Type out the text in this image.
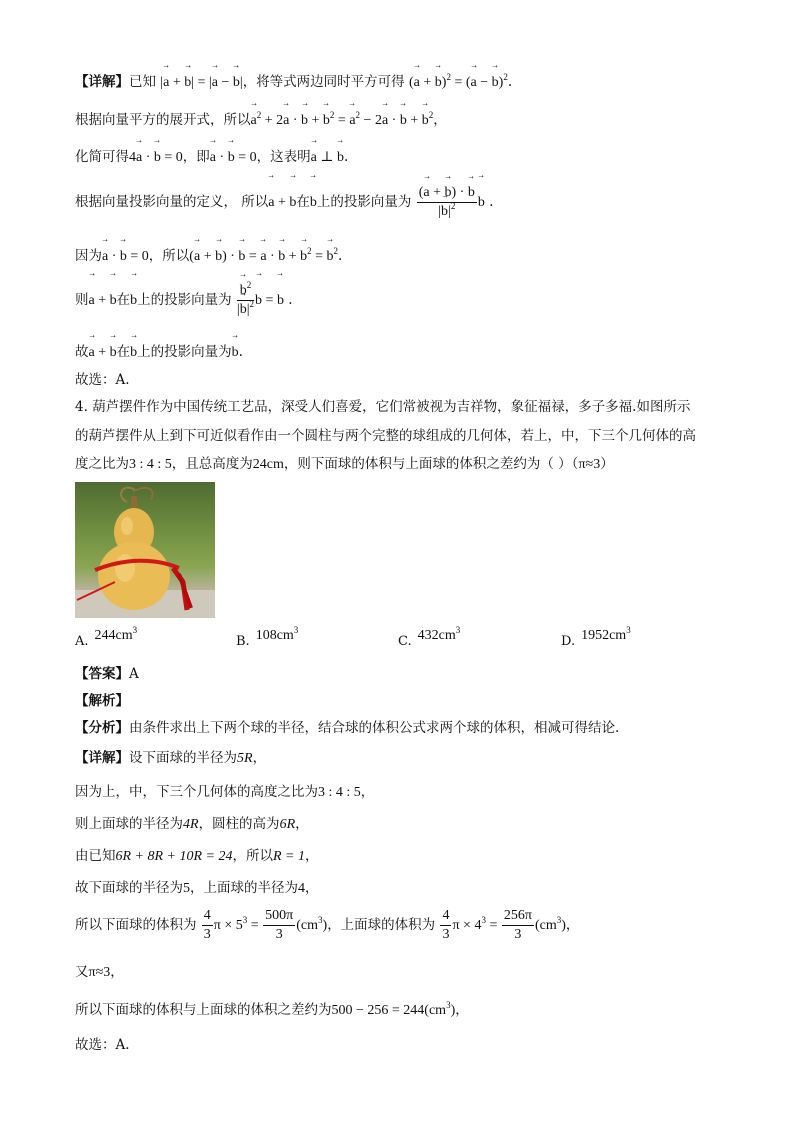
【详解】已知 |→ a + → b| = |→ a − → b|，将等式两边同时平方可得 (→ a + → b)$^2$ = (→ a − → b)$^2$.
根据向量平方的展开式，所以→ $a^2 + 2\to a$ · → b + → $b^2$ = → $a^2 - 2\to a$ · → b + → $b^2$，
化简可得4→ a · → b = 0，即→ a · → b = 0，这表明→ a ⊥ → b.
根据向量投影向量的定义， 所以→ a + → b在→ b上的投影向量为 $\frac{(\to a + \to b) \cdot \to b}{|\to b|^2}$
→ b .
因为→ a · → b = 0，所以(→ a + → b) · → b = → a · → b + → $b^2$ = → $b^2$.
则→ a + → b在→ b上的投影向量为
→ $\frac{b^2}{|\to b|^2}$
→ b = → b .
故→ a + → b在→ b上的投影向量为→ b.
故选：A.
4. 葫芦摆件作为中国传统工艺品，深受人们喜爱，它们常被视为吉祥物，象征福禄，多子多福.如图所示
的葫芦摆件从上到下可近似看作由一个圆柱与两个完整的球组成的几何体，若上，中，下三个几何体的高
度之比为3 : 4 : 5，且总高度为24cm，则下面球的体积与上面球的体积之差约为（ ）（π≈3）
A. $244cm^3$
B. $108cm^3$
C. $432cm^3$
D. $1952cm^3$
【答案】A
【解析】
【分析】由条件求出上下两个球的半径，结合球的体积公式求两个球的体积，相减可得结论.
【详解】设下面球的半径为5R，
因为上，中，下三个几何体的高度之比为3 : 4 : 5，
则上面球的半径为4R，圆柱的高为6R，
由已知6R + 8R + 10R = 24，所以R = 1，
故下面球的半径为5，上面球的半径为4，
所以下面球的体积为 $\frac{4}{3}$ $\pi \times 5^3 = \frac{500\pi}{3} (cm^3)$，上面球的体积为 $\frac{4}{3}$ $\pi \times 4^3 = \frac{256\pi}{3} (cm^3)$，
又π≈3，
所以下面球的体积与上面球的体积之差约为$500 - 256 = 244(cm^3)$，
故选：A.
